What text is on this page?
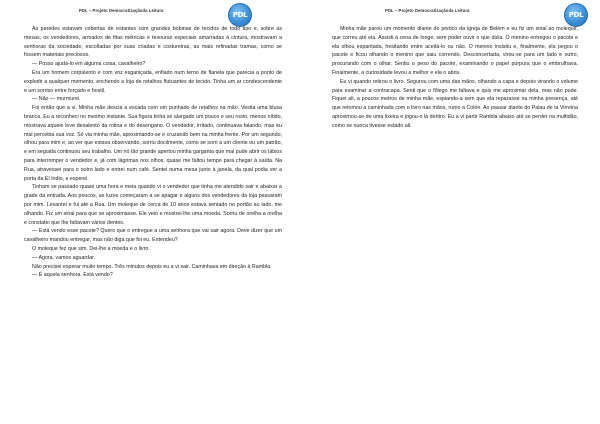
PDL – Projeto Democratizaçãoda Leitura
PDL

As paredes estavam cobertas de estantes com grandes bobinas de tecidos de todo tipo e, sobre as mesas, os vendedores, armados de fitas métricas e tesouras especiais amarradas à cintura, mostravam a senhoras da sociedade, escoltadas por suas criadas e costureiras, as mais refinadas tramas, como se fossem materiais preciosos.

— Posso ajudá-lo em alguma coisa, cavalheiro?

Era um homem corpulento e com voz esganiçada, enfiado num terno de flanela que parecia a ponto de explodir a qualquer momento, enchendo a loja de retalhos flutuantes de tecido. Tinha um ar condescendente e um sorriso entre forçado e hostil.

— Não — murmurei.

Foi então que a vi. Minha mãe descia a escada com um punhado de retalhos na mão. Vestia uma blusa branca. Eu a reconheci no mesmo instante. Sua figura tinha se alargado um pouco e seu rosto, menos nítido, mostrava aquele leve desalento da rotina e do desengano. O vendedor, irritado, continuava falando, mas eu mal percebia sua voz. Só via minha mãe, aproximando-se e cruzando bem na minha frente. Por um segundo, olhou para mim e, ao ver que estava observando, sorriu docilmente, como se sorri a um cliente ou um patrão, e em seguida continuou seu trabalho. Um nó tão grande apertou minha garganta que mal pude abrir os lábios para interromper o vendedor e, já com lágrimas nos olhos, quase me faltou tempo para chegar à saída. Na Rua, atravessei para o outro lado e entrei num café. Sentei numa mesa junto à janela, da qual podia ver a porta da El Indio, e esperei.

Tinham se passado quase uma hora e meia quando vi o vendedor que tinha me atendido sair e abaixar a grade da entrada. Aos poucos, as luzes começaram a se apagar e alguns dos vendedores da loja passaram por mim. Levantei e fui até a Rua. Um moleque de cerca de 10 anos estava sentado no portão ao lado, me olhando. Fiz um sinal para que se aproximasse. Ele veio e mostrei-lhe uma moeda. Sorriu de orelha a orelha e constatei que lhe faltavam vários dentes.

— Está vendo esse pacote? Quero que o entregue a uma senhora que vai sair agora. Deve dizer que um cavalheiro mandou entregar, mas não diga que foi eu. Entendeu?

O moleque fez que sim. Dei-lhe a moeda e o livro.

— Agora, vamos aguardar.

Não precisei esperar muito tempo. Três minutos depois eu a vi sair. Caminhava em direção à Rambla.

— É aquela senhora. Está vendo?

PDL – Projeto Democratizaçãoda Leitura
PDL

Minha mãe parou um momento diante do pórtico da igreja de Belém e eu fiz um sinal ao moleque, que correu até ela. Assisti à cena de longe, sem poder ouvir o que dizia. O menino entregou o pacote e ela olhou espantada, hesitando entre aceitá-lo ou não. O menino insistiu e, finalmente, ela pegou o pacote e ficou olhando o menino que saiu correndo. Desconcertada, virou-se para um lado e outro, procurando com o olhar. Sentiu o peso do pacote, examinando o papel púrpura que o embrulhava. Finalmente, a curiosidade levou a melhor e ela o abriu.

Eu vi quando retirou o livro. Segurou com uma das mãos, olhando a capa e depois virando o volume para examinar a contracapa. Senti que o fôlego me faltava e quis me aproximar dela, mas não pude. Fiquei ali, a poucos metros de minha mãe, espiando-a sem que ela reparasse na minha presença, até que retomou a caminhada com o livro nas mãos, rumo a Colón. Ao passar diante do Palau de la Virreina aproximou-se de uma lixeira e jogou-o lá dentro. Eu a vi partir Rambla abaixo até se perder na multidão, como se nunca tivesse estado ali.
